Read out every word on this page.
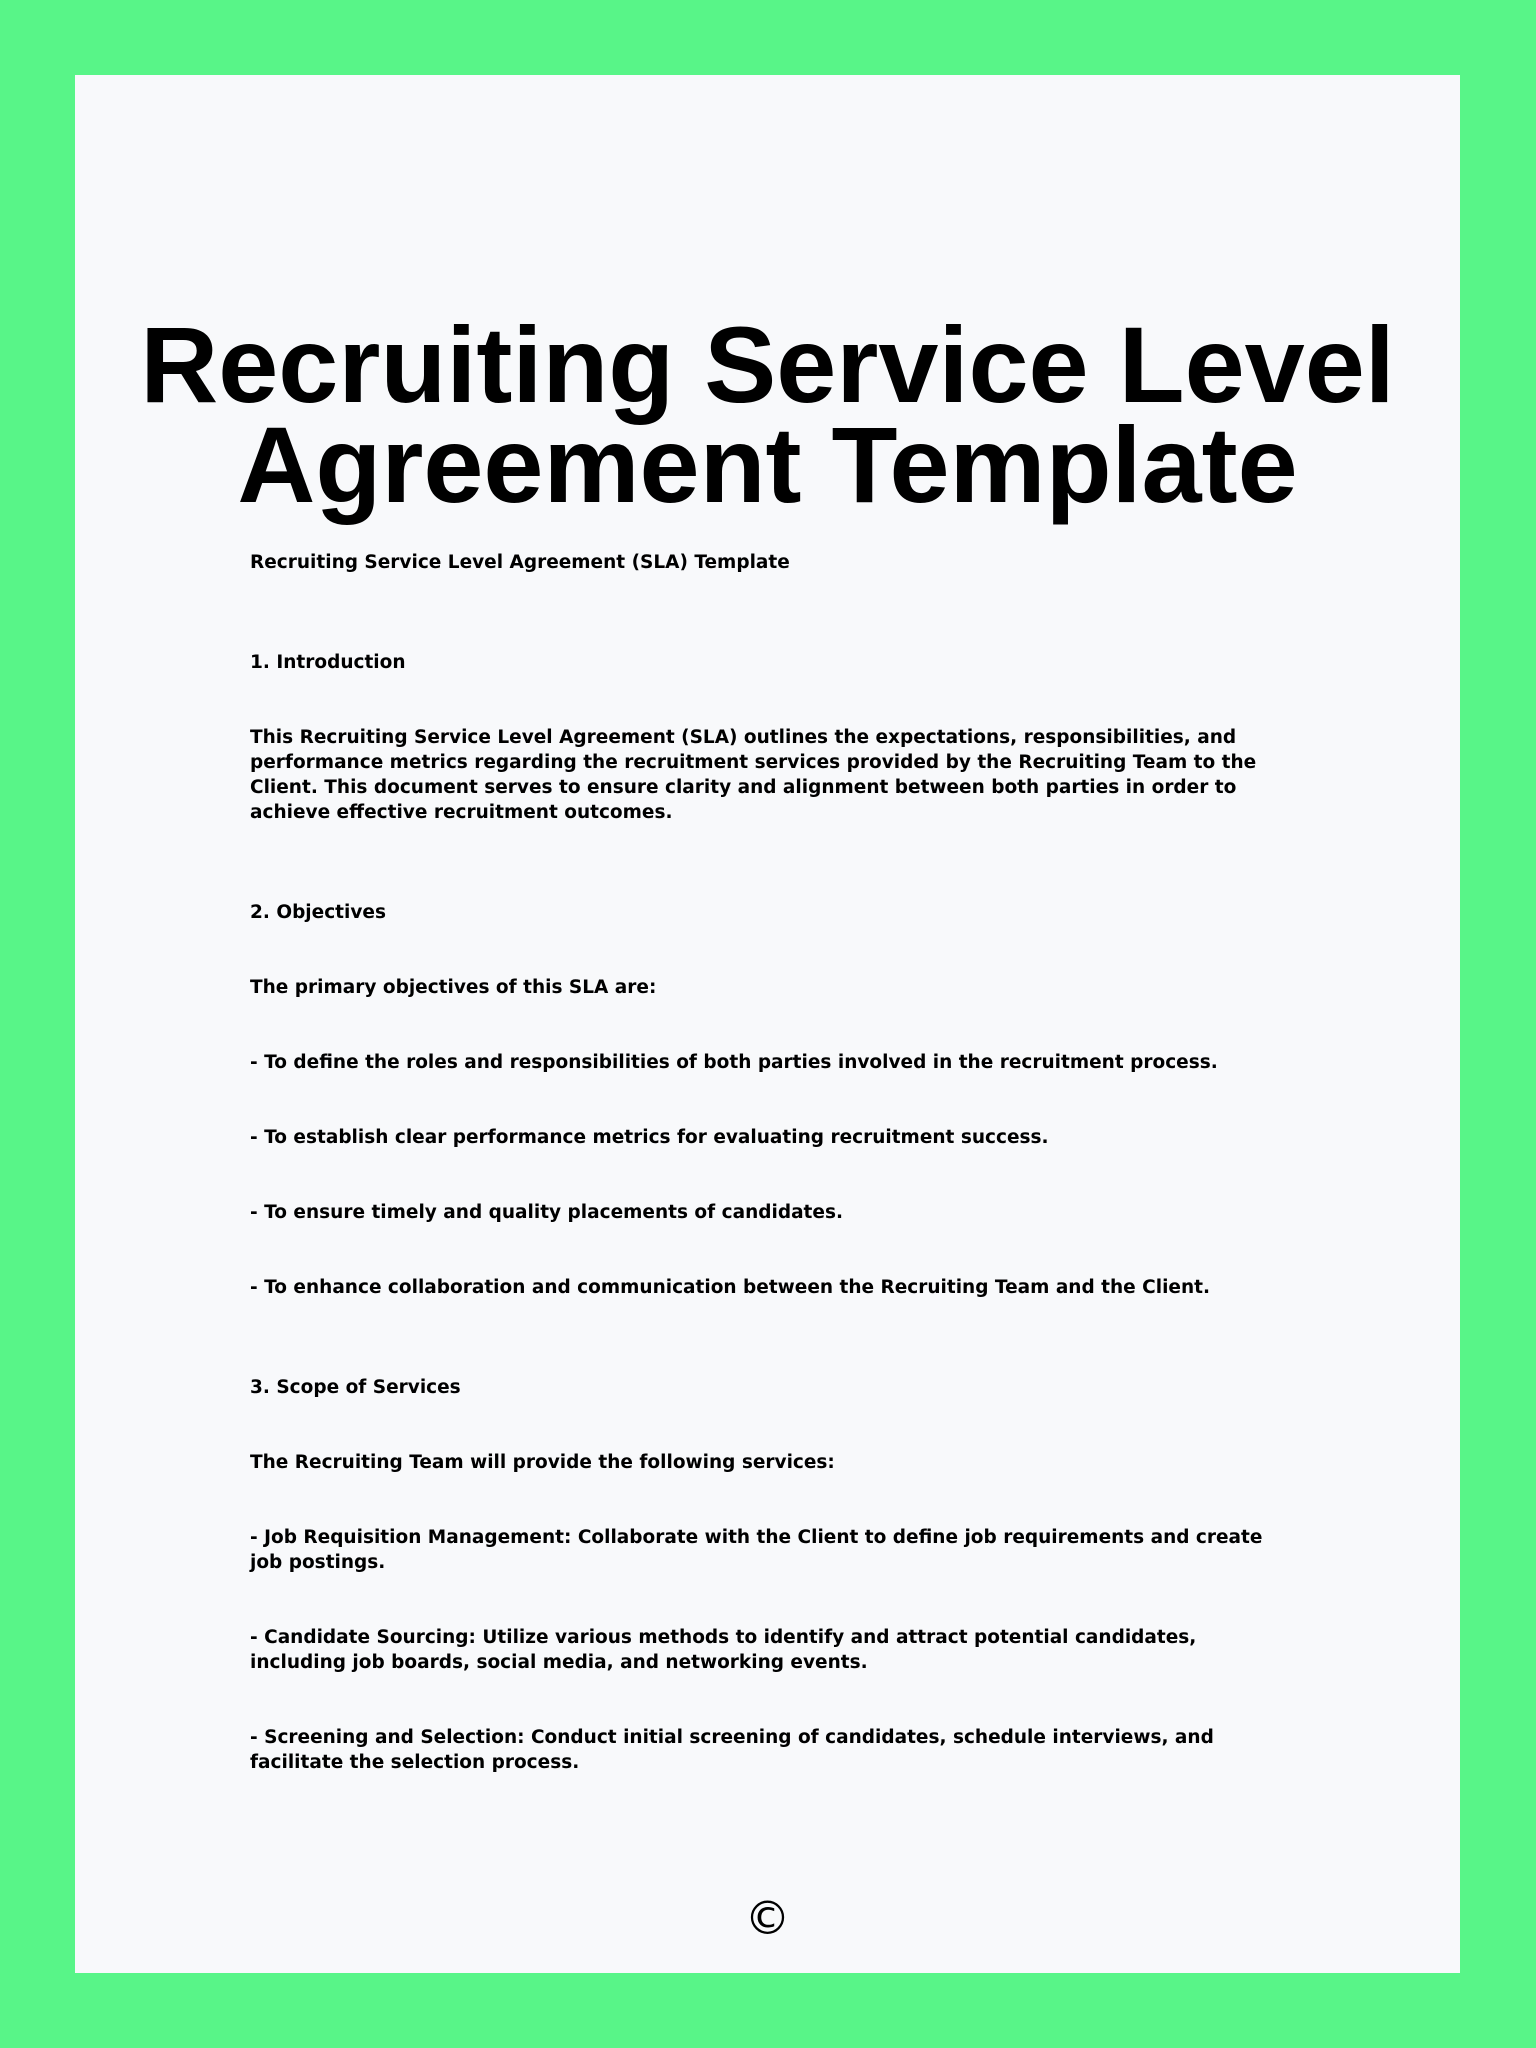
Recruiting Service Level
Agreement Template

Recruiting Service Level Agreement (SLA) Template

1. Introduction

This Recruiting Service Level Agreement (SLA) outlines the expectations, responsibilities, and performance metrics regarding the recruitment services provided by the Recruiting Team to the Client. This document serves to ensure clarity and alignment between both parties in order to achieve effective recruitment outcomes.

2. Objectives

The primary objectives of this SLA are:

- To define the roles and responsibilities of both parties involved in the recruitment process.

- To establish clear performance metrics for evaluating recruitment success.

- To ensure timely and quality placements of candidates.

- To enhance collaboration and communication between the Recruiting Team and the Client.

3. Scope of Services

The Recruiting Team will provide the following services:

- Job Requisition Management: Collaborate with the Client to define job requirements and create job postings.

- Candidate Sourcing: Utilize various methods to identify and attract potential candidates, including job boards, social media, and networking events.

- Screening and Selection: Conduct initial screening of candidates, schedule interviews, and facilitate the selection process.

©
